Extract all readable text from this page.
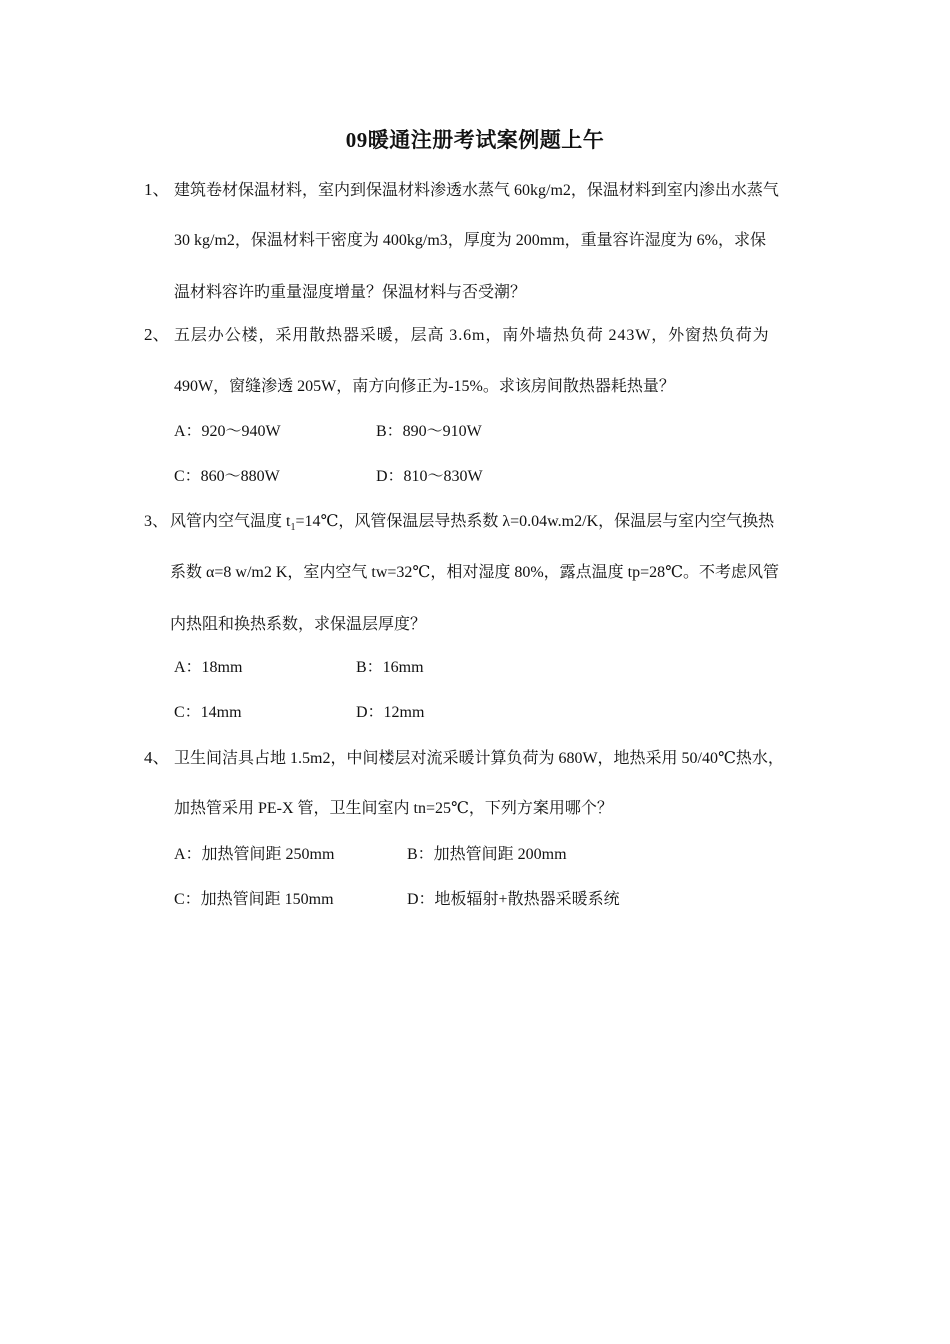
09暖通注册考试案例题上午
1、 建筑卷材保温材料，室内到保温材料渗透水蒸气 60kg/m2，保温材料到室内渗出水蒸气
30 kg/m2，保温材料干密度为 400kg/m3，厚度为 200mm，重量容许湿度为 6%，求保
温材料容许旳重量湿度增量？保温材料与否受潮？
2、 五层办公楼，采用散热器采暖，层高 3.6m，南外墙热负荷 243W，外窗热负荷为
490W，窗缝渗透 205W，南方向修正为-15%。求该房间散热器耗热量？
A：920～940W	B：890～910W
C：860～880W	D：810～830W
3、 风管内空气温度 $t_1=14℃$，风管保温层导热系数 λ=0.04w.m2/K，保温层与室内空气换热
系数 α=8 w/m2 K，室内空气 tw=32℃，相对湿度 80%，露点温度 tp=28℃。不考虑风管
内热阻和换热系数，求保温层厚度？
A：18mm	B：16mm
C：14mm	D：12mm
4、 卫生间洁具占地 1.5m2，中间楼层对流采暖计算负荷为 680W，地热采用 50/40℃热水，
加热管采用 PE-X 管，卫生间室内 tn=25℃，下列方案用哪个？
A：加热管间距 250mm	B：加热管间距 200mm
C：加热管间距 150mm	D：地板辐射+散热器采暖系统
